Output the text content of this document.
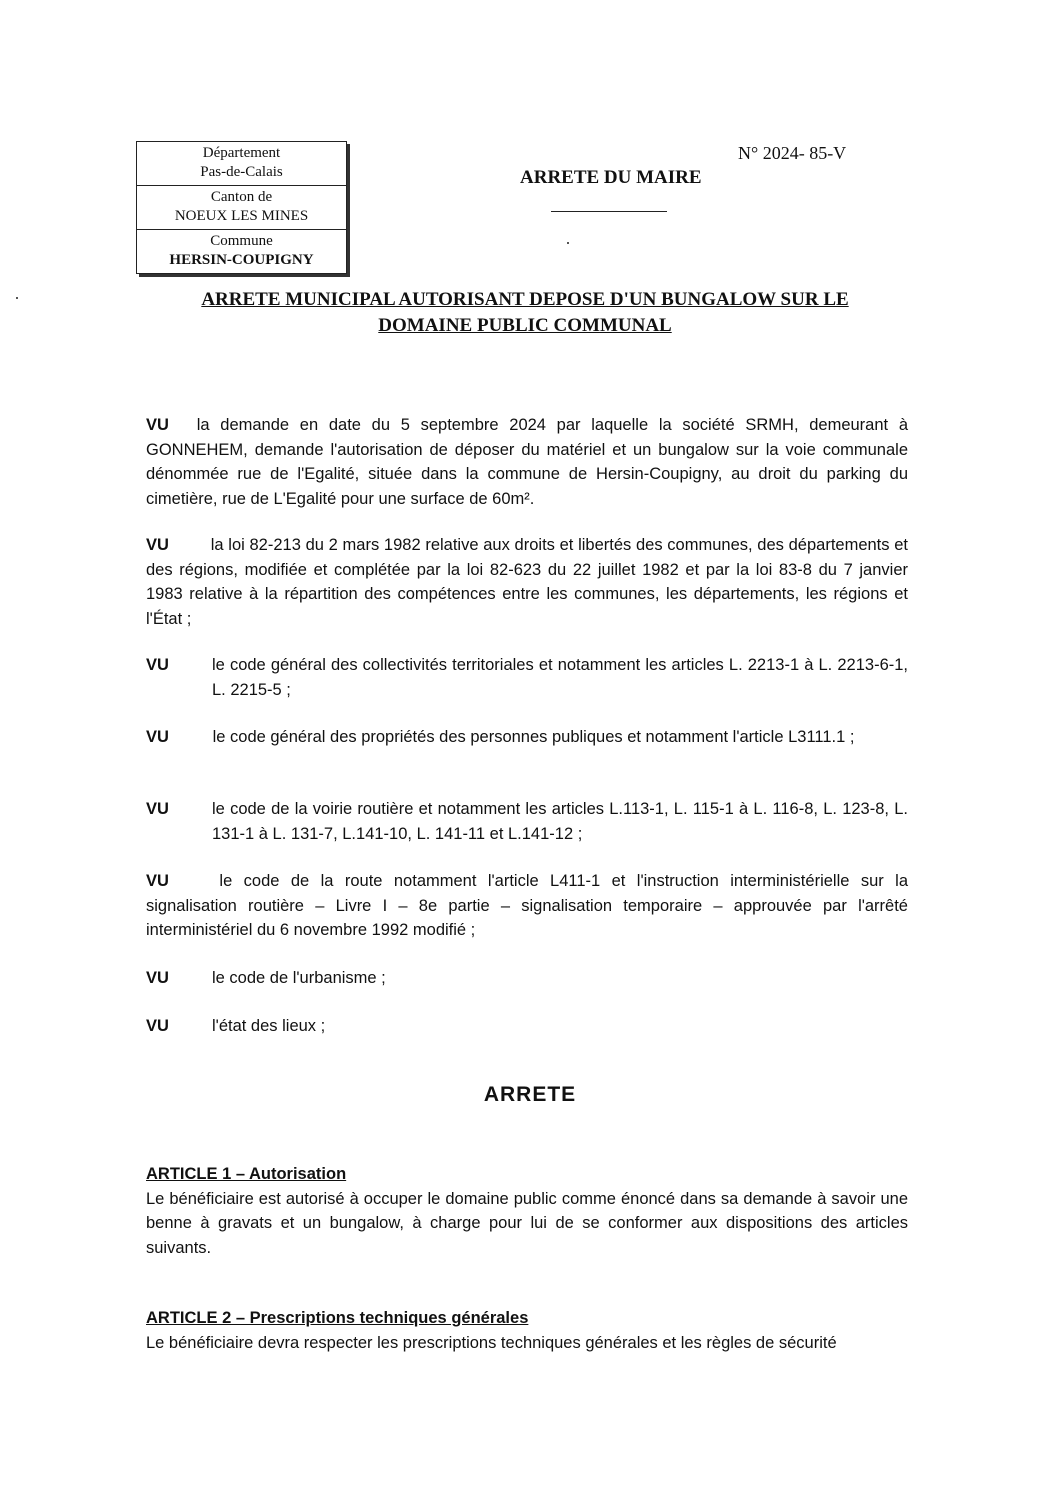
Département
Pas-de-Calais
Canton de
NOEUX LES MINES
Commune
HERSIN-COUPIGNY
N° 2024- 85-V
ARRETE DU MAIRE
ARRETE MUNICIPAL AUTORISANT DEPOSE D'UN BUNGALOW SUR LE
DOMAINE PUBLIC COMMUNAL
VU la demande en date du 5 septembre 2024 par laquelle la société SRMH, demeurant à GONNEHEM, demande l'autorisation de déposer du matériel et un bungalow sur la voie communale dénommée rue de l'Egalité, située dans la commune de Hersin-Coupigny, au droit du parking du cimetière, rue de L'Egalité pour une surface de 60m².
VU	la loi 82-213 du 2 mars 1982 relative aux droits et libertés des communes, des départements et des régions, modifiée et complétée par la loi 82-623 du 22 juillet 1982 et par la loi 83-8 du 7 janvier 1983 relative à la répartition des compétences entre les communes, les départements, les régions et l'État ;
VU	le code général des collectivités territoriales et notamment les articles L. 2213-1 à L. 2213-6-1, L. 2215-5 ;
VU	le code général des propriétés des personnes publiques et notamment l'article L3111.1 ;
VU	le code de la voirie routière et notamment les articles L.113-1, L. 115-1 à L. 116-8, L. 123-8, L. 131-1 à L. 131-7, L.141-10, L. 141-11 et L.141-12 ;
VU	le code de la route notamment l'article L411-1 et l'instruction interministérielle sur la signalisation routière – Livre I – 8e partie – signalisation temporaire – approuvée par l'arrêté interministériel du 6 novembre 1992 modifié ;
VU	le code de l'urbanisme ;
VU	l'état des lieux ;
ARRETE
ARTICLE 1 – Autorisation
Le bénéficiaire est autorisé à occuper le domaine public comme énoncé dans sa demande à savoir une benne à gravats et un bungalow, à charge pour lui de se conformer aux dispositions des articles suivants.
ARTICLE 2 – Prescriptions techniques générales
Le bénéficiaire devra respecter les prescriptions techniques générales et les règles de sécurité
